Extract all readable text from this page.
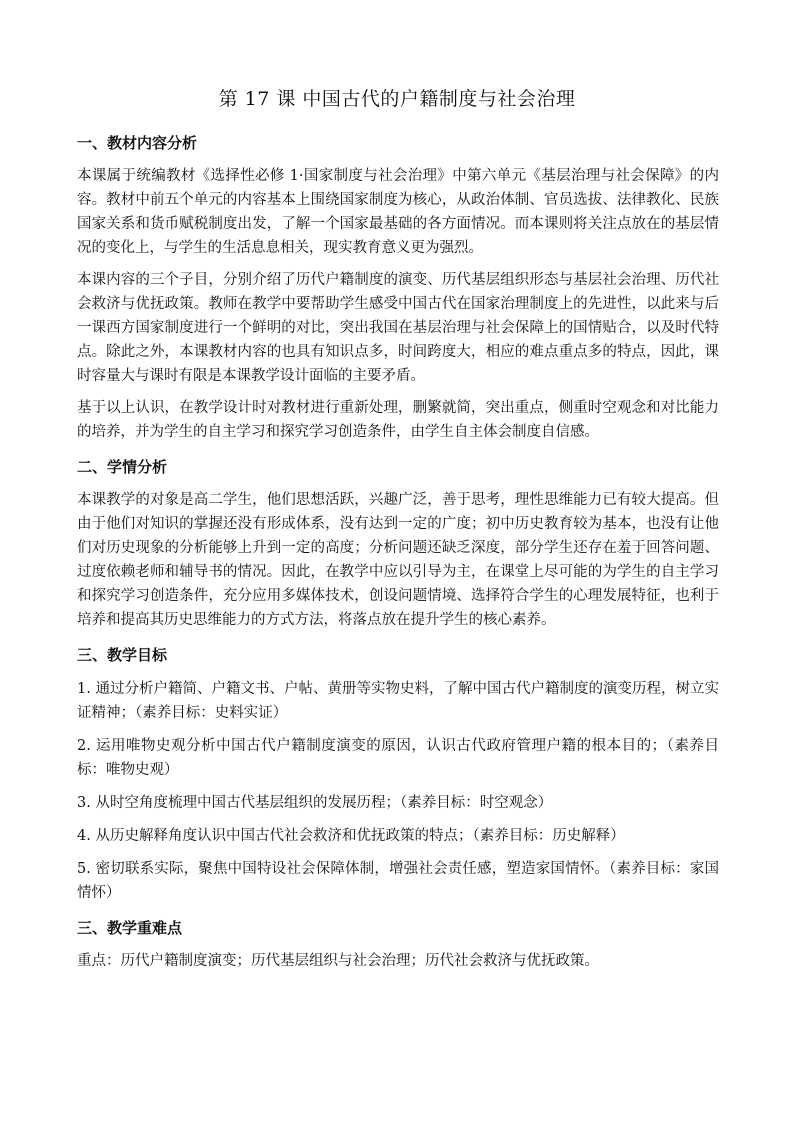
第 17 课 中国古代的户籍制度与社会治理
一、教材内容分析

本课属于统编教材《选择性必修 1·国家制度与社会治理》中第六单元《基层治理与社会保障》的内容。教材中前五个单元的内容基本上围绕国家制度为核心，从政治体制、官员选拔、法律教化、民族国家关系和货币赋税制度出发，了解一个国家最基础的各方面情况。而本课则将关注点放在的基层情况的变化上，与学生的生活息息相关，现实教育意义更为强烈。

本课内容的三个子目，分别介绍了历代户籍制度的演变、历代基层组织形态与基层社会治理、历代社会救济与优抚政策。教师在教学中要帮助学生感受中国古代在国家治理制度上的先进性，以此来与后一课西方国家制度进行一个鲜明的对比，突出我国在基层治理与社会保障上的国情贴合，以及时代特点。除此之外，本课教材内容的也具有知识点多，时间跨度大，相应的难点重点多的特点，因此，课时容量大与课时有限是本课教学设计面临的主要矛盾。

基于以上认识，在教学设计时对教材进行重新处理，删繁就简，突出重点，侧重时空观念和对比能力的培养，并为学生的自主学习和探究学习创造条件，由学生自主体会制度自信感。

二、学情分析

本课教学的对象是高二学生，他们思想活跃，兴趣广泛，善于思考，理性思维能力已有较大提高。但由于他们对知识的掌握还没有形成体系，没有达到一定的广度；初中历史教育较为基本，也没有让他们对历史现象的分析能够上升到一定的高度；分析问题还缺乏深度，部分学生还存在羞于回答问题、过度依赖老师和辅导书的情况。因此，在教学中应以引导为主，在课堂上尽可能的为学生的自主学习和探究学习创造条件，充分应用多媒体技术，创设问题情境、选择符合学生的心理发展特征，也利于培养和提高其历史思维能力的方式方法，将落点放在提升学生的核心素养。

三、教学目标

1. 通过分析户籍简、户籍文书、户帖、黄册等实物史料，了解中国古代户籍制度的演变历程，树立实证精神；（素养目标：史料实证）

2. 运用唯物史观分析中国古代户籍制度演变的原因，认识古代政府管理户籍的根本目的；（素养目标：唯物史观）

3. 从时空角度梳理中国古代基层组织的发展历程；（素养目标：时空观念）

4. 从历史解释角度认识中国古代社会救济和优抚政策的特点；（素养目标：历史解释）

5. 密切联系实际，聚焦中国特设社会保障体制，增强社会责任感，塑造家国情怀。（素养目标：家国情怀）

三、教学重难点

重点：历代户籍制度演变；历代基层组织与社会治理；历代社会救济与优抚政策。
